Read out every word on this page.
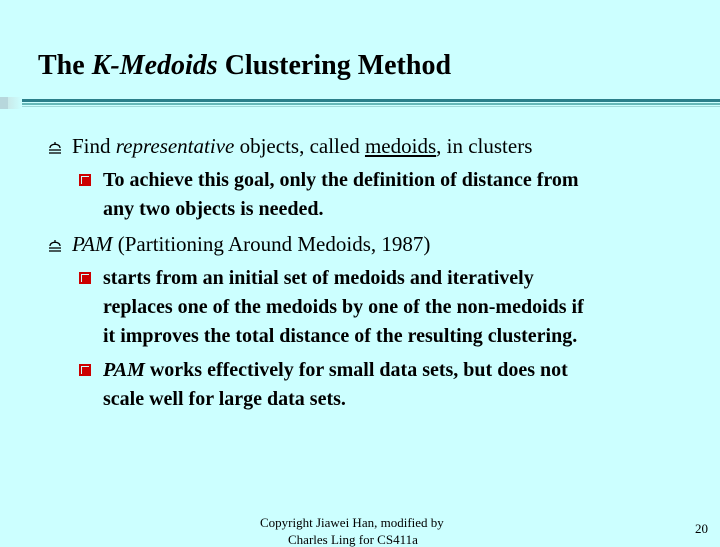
The K-Medoids Clustering Method
Find representative objects, called medoids, in clusters
To achieve this goal, only the definition of distance from
any two objects is needed.
PAM (Partitioning Around Medoids, 1987)
starts from an initial set of medoids and iteratively
replaces one of the medoids by one of the non-medoids if
it improves the total distance of the resulting clustering.
PAM works effectively for small data sets, but does not
scale well for large data sets.
Copyright Jiawei Han, modified by
Charles Ling for CS411a
20
